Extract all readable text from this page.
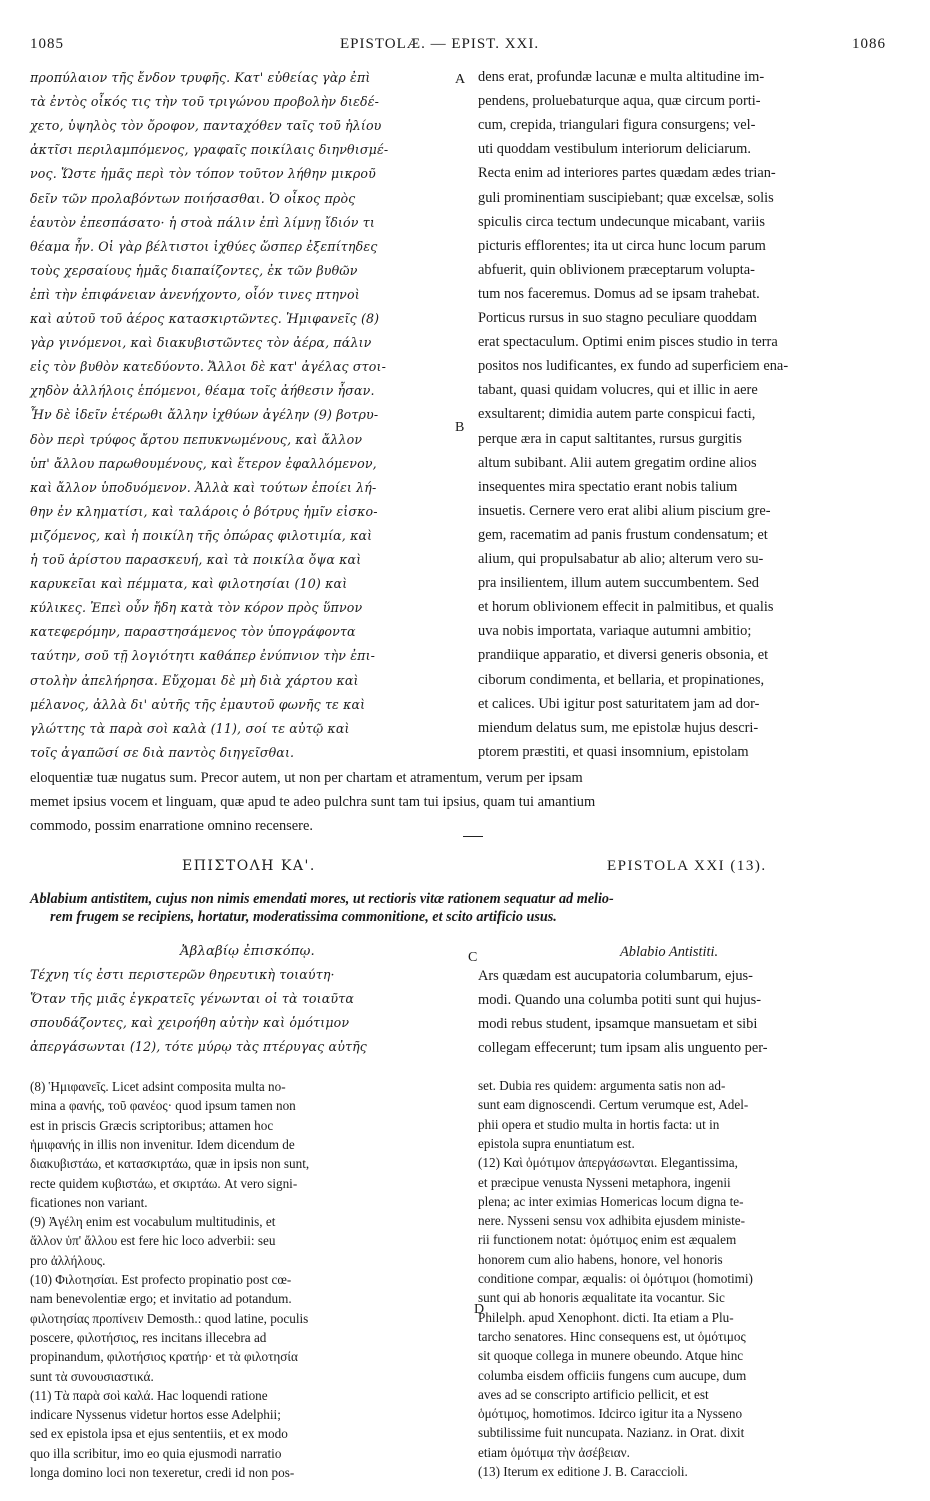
1085	EPISTOLÆ. — EPIST. XXI.	1086
A
B
C
D
προπύλαιον τῆς ἔνδον τρυφῆς. Κατ' εὐθείας γὰρ ἐπὶ
τὰ ἐντὸς οἶκός τις τὴν τοῦ τριγώνου προβολὴν διεδέ-
χετο, ὑψηλὸς τὸν ὄροφον, πανταχόθεν ταῖς τοῦ ἡλίου
ἀκτῖσι περιλαμπόμενος, γραφαῖς ποικίλαις διηνθισμέ-
νος. Ὥστε ἡμᾶς περὶ τὸν τόπον τοῦτον λήθην μικροῦ
δεῖν τῶν προλαβόντων ποιήσασθαι. Ὁ οἶκος πρὸς
ἑαυτὸν ἐπεσπάσατο· ἡ στοὰ πάλιν ἐπὶ λίμνῃ ἴδιόν τι
θέαμα ἦν. Οἱ γὰρ βέλτιστοι ἰχθύες ὥσπερ ἐξεπίτηδες
τοὺς χερσαίους ἡμᾶς διαπαίζοντες, ἐκ τῶν βυθῶν
ἐπὶ τὴν ἐπιφάνειαν ἀνενήχοντο, οἷόν τινες πτηνοὶ
καὶ αὐτοῦ τοῦ ἀέρος κατασκιρτῶντες. Ἡμιφανεῖς (8)
γὰρ γινόμενοι, καὶ διακυβιστῶντες τὸν ἀέρα, πάλιν
εἰς τὸν βυθὸν κατεδύοντο. Ἄλλοι δὲ κατ' ἀγέλας στοι-
χηδὸν ἀλλήλοις ἑπόμενοι, θέαμα τοῖς ἀήθεσιν ἦσαν.
Ἦν δὲ ἰδεῖν ἑτέρωθι ἄλλην ἰχθύων ἀγέλην (9) βοτρυ-
δὸν περὶ τρύφος ἄρτου πεπυκνωμένους, καὶ ἄλλον
ὑπ' ἄλλου παρωθουμένους, καὶ ἕτερον ἐφαλλόμενον,
καὶ ἄλλον ὑποδυόμενον. Ἀλλὰ καὶ τούτων ἐποίει λή-
θην ἐν κληματίσι, καὶ ταλάροις ὁ βότρυς ἡμῖν εἰσκο-
μιζόμενος, καὶ ἡ ποικίλη τῆς ὀπώρας φιλοτιμία, καὶ
ἡ τοῦ ἀρίστου παρασκευή, καὶ τὰ ποικίλα ὄψα καὶ
καρυκεῖαι καὶ πέμματα, καὶ φιλοτησίαι (10) καὶ
κύλικες. Ἐπεὶ οὖν ἤδη κατὰ τὸν κόρον πρὸς ὕπνον
κατεφερόμην, παραστησάμενος τὸν ὑπογράφοντα
ταύτην, σοῦ τῇ λογιότητι καθάπερ ἐνύπνιον τὴν ἐπι-
στολὴν ἀπελήρησα. Εὔχομαι δὲ μὴ διὰ χάρτου καὶ
μέλανος, ἀλλὰ δι' αὐτῆς τῆς ἐμαυτοῦ φωνῆς τε καὶ
γλώττης τὰ παρὰ σοὶ καλὰ (11), σοί τε αὐτῷ καὶ
τοῖς ἀγαπῶσί σε διὰ παντὸς διηγεῖσθαι.
dens erat, profundæ lacunæ e multa altitudine im-
pendens, proluebaturque aqua, quæ circum porti-
cum, crepida, triangulari figura consurgens; vel-
uti quoddam vestibulum interiorum deliciarum.
Recta enim ad interiores partes quædam ædes trian-
guli prominentiam suscipiebant; quæ excelsæ, solis
spiculis circa tectum undecunque micabant, variis
picturis efflorentes; ita ut circa hunc locum parum
abfuerit, quin oblivionem præceptarum volupta-
tum nos faceremus. Domus ad se ipsam trahebat.
Porticus rursus in suo stagno peculiare quoddam
erat spectaculum. Optimi enim pisces studio in terra
positos nos ludificantes, ex fundo ad superficiem ena-
tabant, quasi quidam volucres, qui et illic in aere
exsultarent; dimidia autem parte conspicui facti,
perque æra in caput saltitantes, rursus gurgitis
altum subibant. Alii autem gregatim ordine alios
insequentes mira spectatio erant nobis talium
insuetis. Cernere vero erat alibi alium piscium gre-
gem, racematim ad panis frustum condensatum; et
alium, qui propulsabatur ab alio; alterum vero su-
pra insilientem, illum autem succumbentem. Sed
et horum oblivionem effecit in palmitibus, et qualis
uva nobis importata, variaque autumni ambitio;
prandiique apparatio, et diversi generis obsonia, et
ciborum condimenta, et bellaria, et propinationes,
et calices. Ubi igitur post saturitatem jam ad dor-
miendum delatus sum, me epistolæ hujus descri-
ptorem præstiti, et quasi insomnium, epistolam
eloquentiæ tuæ nugatus sum. Precor autem, ut non per chartam et atramentum, verum per ipsam
memet ipsius vocem et linguam, quæ apud te adeo pulchra sunt tam tui ipsius, quam tui amantium
commodo, possim enarratione omnino recensere.
ΕΠΙΣΤΟΛΗ ΚΑ'.	EPISTOLA XXI (13).
Ablabium antistitem, cujus non nimis emendati mores, ut rectioris vitæ rationem sequatur ad melio-
rem frugem se recipiens, hortatur, moderatissima commonitione, et scito artificio usus.
Ἀβλαβίῳ ἐπισκόπῳ.	Ablabio Antistiti.
Τέχνη τίς ἐστι περιστερῶν θηρευτικὴ τοιαύτη·
Ὅταν τῆς μιᾶς ἐγκρατεῖς γένωνται οἱ τὰ τοιαῦτα
σπουδάζοντες, καὶ χειροήθη αὐτὴν καὶ ὁμότιμον
ἀπεργάσωνται (12), τότε μύρῳ τὰς πτέρυγας αὐτῆς
Ars quædam est aucupatoria columbarum, ejus-
modi. Quando una columba potiti sunt qui hujus-
modi rebus student, ipsamque mansuetam et sibi
collegam effecerunt; tum ipsam alis unguento per-
(8) Ἡμιφανεῖς. Licet adsint composita multa no-
mina a φανής, τοῦ φανέος· quod ipsum tamen non
est in priscis Græcis scriptoribus; attamen hoc
ἡμιφανής in illis non invenitur. Idem dicendum de
διακυβιστάω, et κατασκιρτάω, quæ in ipsis non sunt,
recte quidem κυβιστάω, et σκιρτάω. At vero signi-
ficationes non variant.
(9) Ἀγέλη enim est vocabulum multitudinis, et
ἄλλον ὑπ' ἄλλου est fere hic loco adverbii: seu
pro ἀλλήλους.
(10) Φιλοτησίαι. Est profecto propinatio post cœ-
nam benevolentiæ ergo; et invitatio ad potandum.
φιλοτησίας προπίνειν Demosth.: quod latine, poculis
poscere, φιλοτήσιος, res incitans illecebra ad
propinandum, φιλοτήσιος κρατήρ· et τὰ φιλοτησία
sunt τὰ συνουσιαστικά.
(11) Τὰ παρὰ σοὶ καλά. Hac loquendi ratione
indicare Nyssenus videtur hortos esse Adelphii;
sed ex epistola ipsa et ejus sententiis, et ex modo
quo illa scribitur, imo eo quia ejusmodi narratio
longa domino loci non texeretur, credi id non pos-
set. Dubia res quidem: argumenta satis non ad-
sunt eam dignoscendi. Certum verumque est, Adel-
phii opera et studio multa in hortis facta: ut in
epistola supra enuntiatum est.
(12) Καὶ ὁμότιμον ἀπεργάσωνται. Elegantissima,
et præcipue venusta Nysseni metaphora, ingenii
plena; ac inter eximias Homericas locum digna te-
nere. Nysseni sensu vox adhibita ejusdem ministe-
rii functionem notat: ὁμότιμος enim est æqualem
honorem cum alio habens, honore, vel honoris
conditione compar, æqualis: οἱ ὁμότιμοι (homotimi)
sunt qui ab honoris æqualitate ita vocantur. Sic
Philelph. apud Xenophont. dicti. Ita etiam a Plu-
tarcho senatores. Hinc consequens est, ut ὁμότιμος
sit quoque collega in munere obeundo. Atque hinc
columba eisdem officiis fungens cum aucupe, dum
aves ad se conscripto artificio pellicit, et est
ὁμότιμος, homotimos. Idcirco igitur ita a Nysseno
subtilissime fuit nuncupata. Nazianz. in Orat. dixit
etiam ὁμότιμα τὴν ἀσέβειαν.
(13) Iterum ex editione J. B. Caraccioli.
